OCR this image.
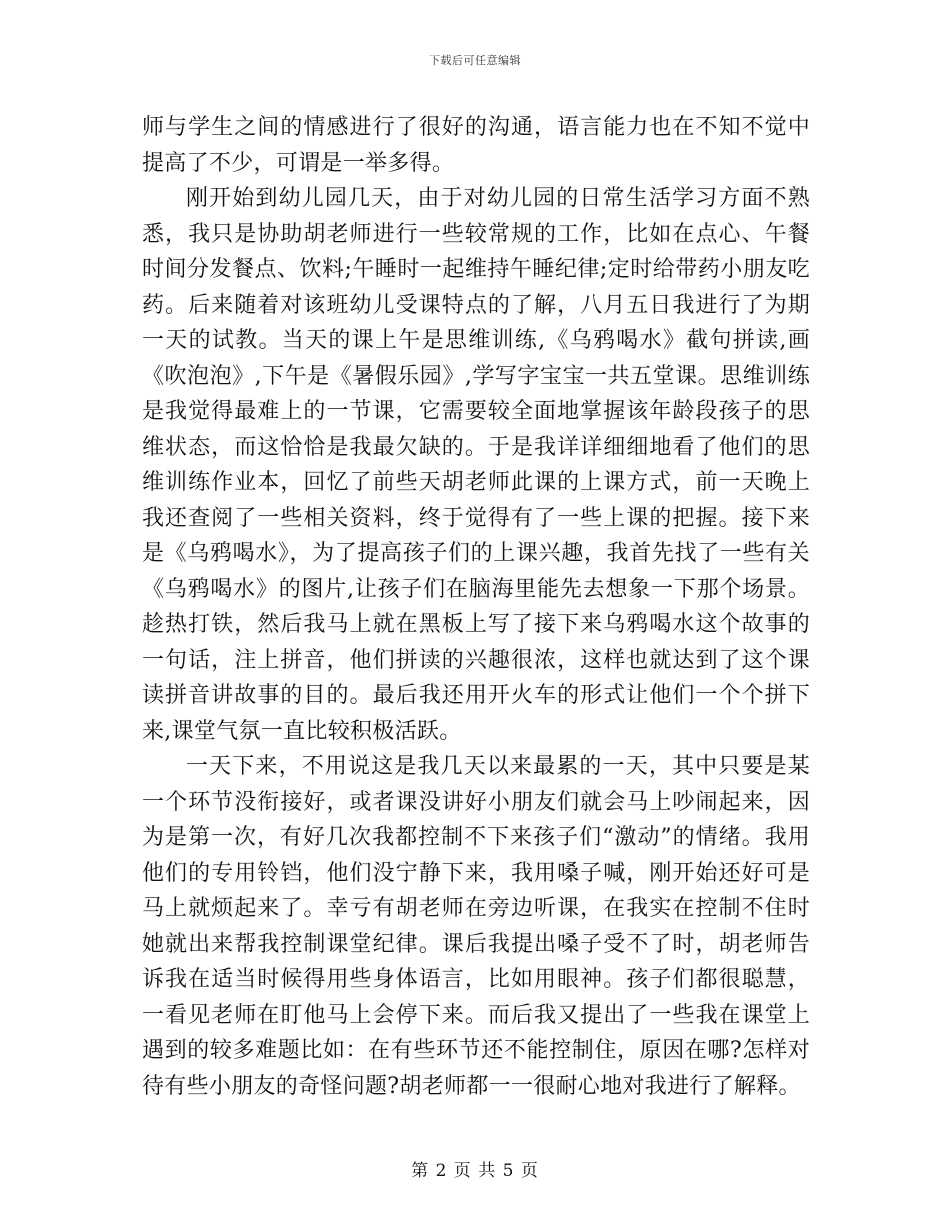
下载后可任意编辑

师与学生之间的情感进行了很好的沟通，语言能力也在不知不觉中提高了不少，可谓是一举多得。

刚开始到幼儿园几天，由于对幼儿园的日常生活学习方面不熟悉，我只是协助胡老师进行一些较常规的工作，比如在点心、午餐时间分发餐点、饮料;午睡时一起维持午睡纪律;定时给带药小朋友吃药。后来随着对该班幼儿受课特点的了解，八月五日我进行了为期一天的试教。当天的课上午是思维训练,《乌鸦喝水》截句拼读,画《吹泡泡》,下午是《暑假乐园》,学写字宝宝一共五堂课。思维训练是我觉得最难上的一节课，它需要较全面地掌握该年龄段孩子的思维状态，而这恰恰是我最欠缺的。于是我详详细细地看了他们的思维训练作业本，回忆了前些天胡老师此课的上课方式，前一天晚上我还查阅了一些相关资料，终于觉得有了一些上课的把握。接下来是《乌鸦喝水》，为了提高孩子们的上课兴趣，我首先找了一些有关《乌鸦喝水》的图片,让孩子们在脑海里能先去想象一下那个场景。趁热打铁，然后我马上就在黑板上写了接下来乌鸦喝水这个故事的一句话，注上拼音，他们拼读的兴趣很浓，这样也就达到了这个课读拼音讲故事的目的。最后我还用开火车的形式让他们一个个拼下来,课堂气氛一直比较积极活跃。

一天下来，不用说这是我几天以来最累的一天，其中只要是某一个环节没衔接好，或者课没讲好小朋友们就会马上吵闹起来，因为是第一次，有好几次我都控制不下来孩子们“激动”的情绪。我用他们的专用铃铛，他们没宁静下来，我用嗓子喊，刚开始还好可是马上就烦起来了。幸亏有胡老师在旁边听课，在我实在控制不住时她就出来帮我控制课堂纪律。课后我提出嗓子受不了时，胡老师告诉我在适当时候得用些身体语言，比如用眼神。孩子们都很聪慧，一看见老师在盯他马上会停下来。而后我又提出了一些我在课堂上遇到的较多难题比如：在有些环节还不能控制住，原因在哪?怎样对待有些小朋友的奇怪问题?胡老师都一一很耐心地对我进行了解释。

第 2 页 共 5 页
